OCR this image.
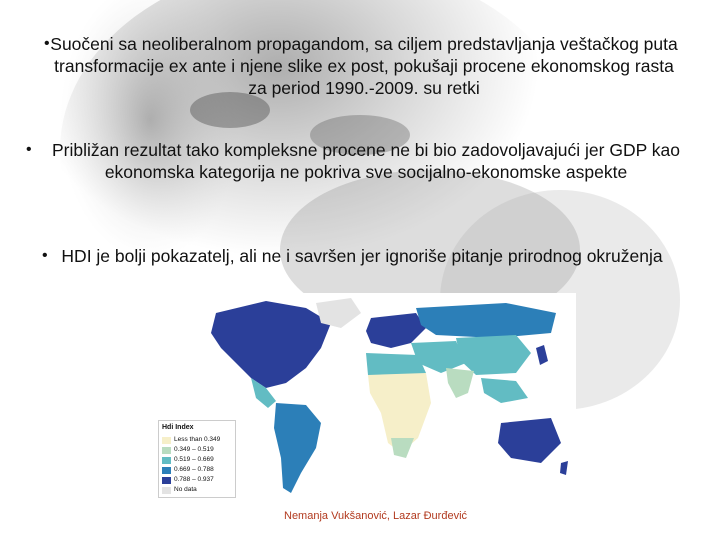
• Suočeni sa neoliberalnom propagandom, sa ciljem predstavljanja veštačkog puta transformacije ex ante i njene slike ex post, pokušaji procene ekonomskog rasta za period 1990.-2009. su retki
• Približan rezultat tako kompleksne procene ne bi bio zadovoljavajući jer GDP kao ekonomska kategorija ne pokriva sve socijalno-ekonomske aspekte
• HDI je bolji pokazatelj, ali ne i savršen jer ignoriše pitanje prirodnog okruženja
Hdi Index
Less than 0.349
0.349 – 0.519
0.519 – 0.669
0.669 – 0.788
0.788 – 0.937
No data
Nemanja Vukšanović, Lazar Đurđević
